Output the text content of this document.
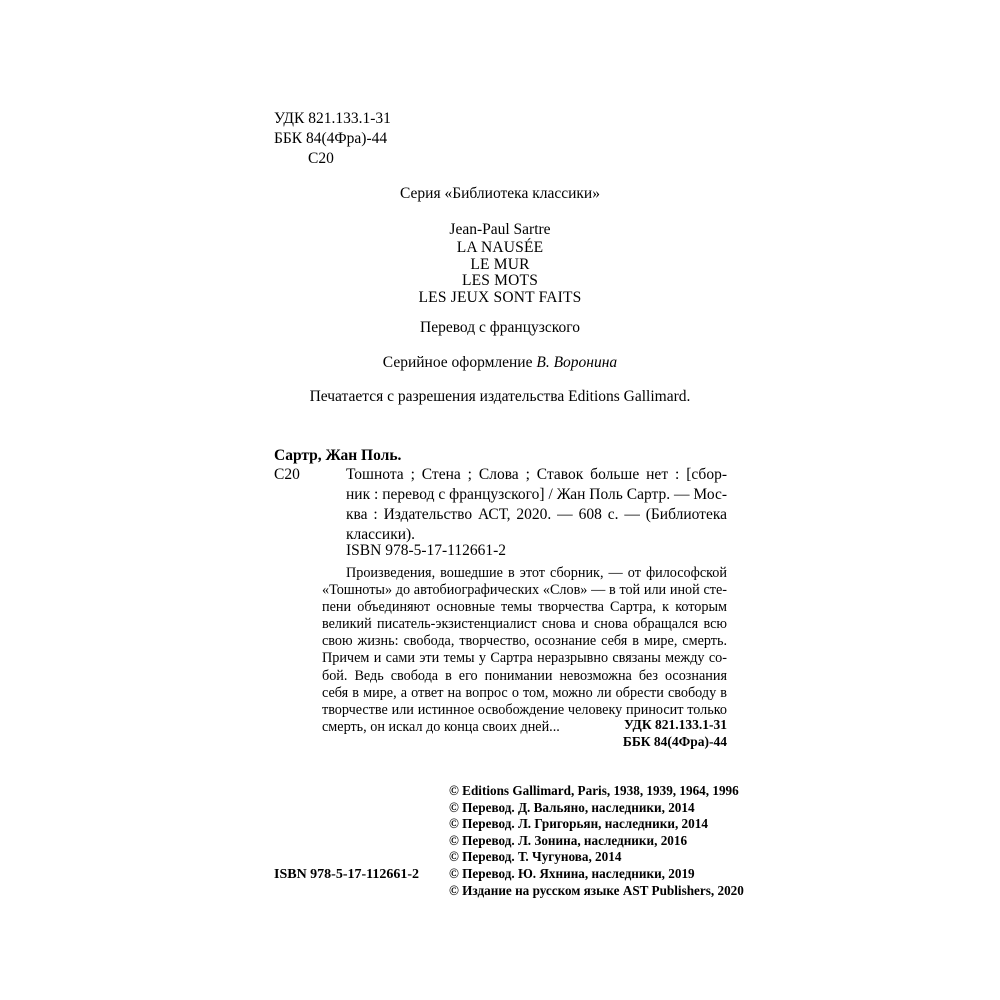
УДК 821.133.1-31
ББК 84(4Фра)-44
С20
Серия «Библиотека классики»
Jean-Paul Sartre
LA NAUSÉE
LE MUR
LES MOTS
LES JEUX SONT FAITS
Перевод с французского
Серийное оформление В. Воронина
Печатается с разрешения издательства Editions Gallimard.
Сартр, Жан Поль.
С20	Тошнота ; Стена ; Слова ; Ставок больше нет : [сбор-
ник : перевод с французского] / Жан Поль Сартр. — Мос-
ква : Издательство АСТ, 2020. — 608 с. — (Библиотека
классики).
ISBN 978-5-17-112661-2
Произведения, вошедшие в этот сборник, — от философской
«Тошноты» до автобиографических «Слов» — в той или иной сте-
пени объединяют основные темы творчества Сартра, к которым
великий писатель-экзистенциалист снова и снова обращался всю
свою жизнь: свобода, творчество, осознание себя в мире, смерть.
Причем и сами эти темы у Сартра неразрывно связаны между со-
бой. Ведь свобода в его понимании невозможна без осознания
себя в мире, а ответ на вопрос о том, можно ли обрести свободу в
творчестве или истинное освобождение человеку приносит только
смерть, он искал до конца своих дней...	УДК 821.133.1-31
ББК 84(4Фра)-44
© Editions Gallimard, Paris, 1938, 1939, 1964, 1996
© Перевод. Д. Вальяно, наследники, 2014
© Перевод. Л. Григорьян, наследники, 2014
© Перевод. Л. Зонина, наследники, 2016
© Перевод. Т. Чугунова, 2014
© Перевод. Ю. Яхнина, наследники, 2019
© Издание на русском языке AST Publishers, 2020
ISBN 978-5-17-112661-2
